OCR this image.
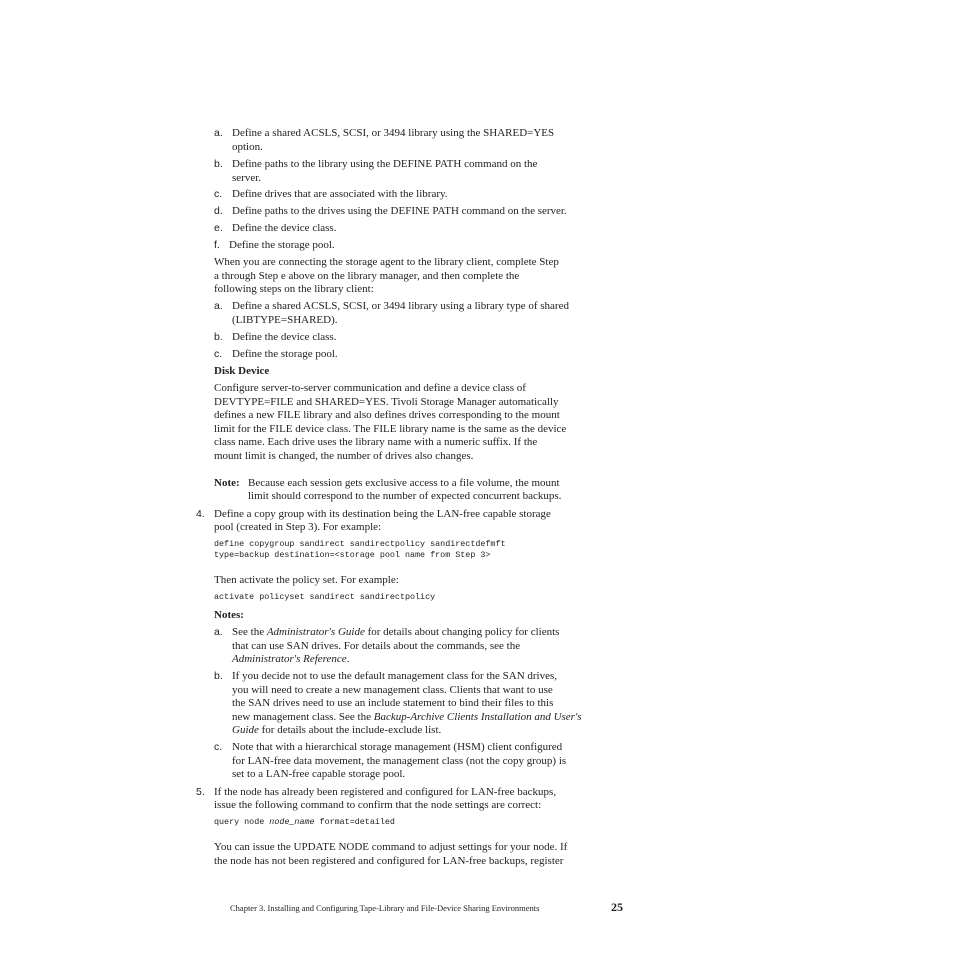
a. Define a shared ACSLS, SCSI, or 3494 library using the SHARED=YES
option.
b. Define paths to the library using the DEFINE PATH command on the
server.
c. Define drives that are associated with the library.
d. Define paths to the drives using the DEFINE PATH command on the server.
e. Define the device class.
f. Define the storage pool.
When you are connecting the storage agent to the library client, complete Step
a through Step e above on the library manager, and then complete the
following steps on the library client:
a. Define a shared ACSLS, SCSI, or 3494 library using a library type of shared
(LIBTYPE=SHARED).
b. Define the device class.
c. Define the storage pool.
Disk Device
Configure server-to-server communication and define a device class of
DEVTYPE=FILE and SHARED=YES. Tivoli Storage Manager automatically
defines a new FILE library and also defines drives corresponding to the mount
limit for the FILE device class. The FILE library name is the same as the device
class name. Each drive uses the library name with a numeric suffix. If the
mount limit is changed, the number of drives also changes.
Note: Because each session gets exclusive access to a file volume, the mount
limit should correspond to the number of expected concurrent backups.
4. Define a copy group with its destination being the LAN-free capable storage
pool (created in Step 3). For example:
define copygroup sandirect sandirectpolicy sandirectdefmft
type=backup destination=<storage pool name from Step 3>
Then activate the policy set. For example:
activate policyset sandirect sandirectpolicy
Notes:
a. See the Administrator's Guide for details about changing policy for clients
that can use SAN drives. For details about the commands, see the
Administrator's Reference.
b. If you decide not to use the default management class for the SAN drives,
you will need to create a new management class. Clients that want to use
the SAN drives need to use an include statement to bind their files to this
new management class. See the Backup-Archive Clients Installation and User's
Guide for details about the include-exclude list.
c. Note that with a hierarchical storage management (HSM) client configured
for LAN-free data movement, the management class (not the copy group) is
set to a LAN-free capable storage pool.
5. If the node has already been registered and configured for LAN-free backups,
issue the following command to confirm that the node settings are correct:
query node node_name format=detailed
You can issue the UPDATE NODE command to adjust settings for your node. If
the node has not been registered and configured for LAN-free backups, register
Chapter 3. Installing and Configuring Tape-Library and File-Device Sharing Environments	25
